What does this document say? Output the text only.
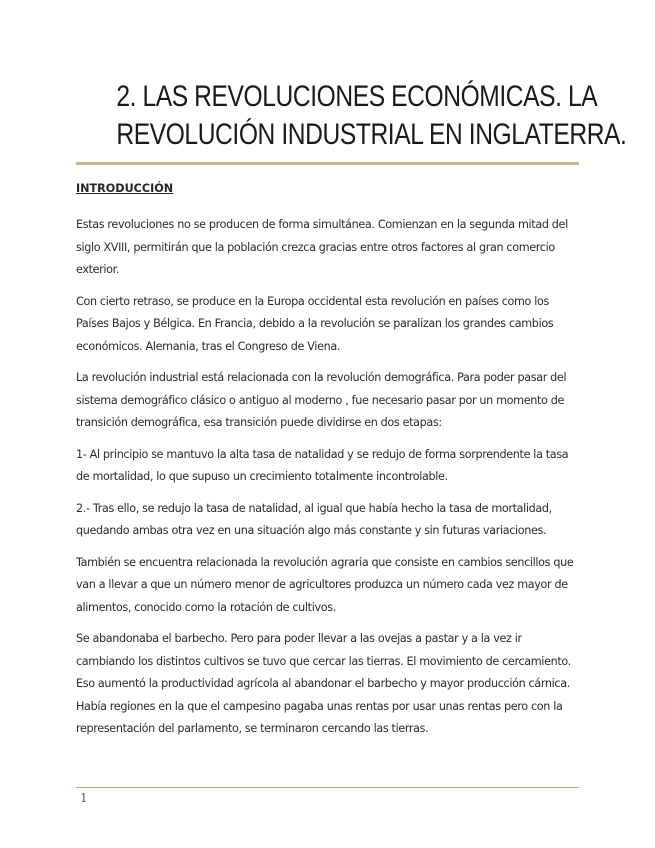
2. LAS REVOLUCIONES ECONÓMICAS. LA
REVOLUCIÓN INDUSTRIAL EN INGLATERRA.

INTRODUCCIÓN

Estas revoluciones no se producen de forma simultánea. Comienzan en la segunda mitad del siglo XVIII, permitirán que la población crezca gracias entre otros factores al gran comercio exterior.

Con cierto retraso, se produce en la Europa occidental esta revolución en países como los Países Bajos y Bélgica. En Francia, debido a la revolución se paralizan los grandes cambios económicos. Alemania, tras el Congreso de Viena.

La revolución industrial está relacionada con la revolución demográfica. Para poder pasar del sistema demográfico clásico o antiguo al moderno , fue necesario pasar por un momento de transición demográfica, esa transición puede dividirse en dos etapas:

1- Al principio se mantuvo la alta tasa de natalidad y se redujo de forma sorprendente la tasa de mortalidad, lo que supuso un crecimiento totalmente incontrolable.

2.- Tras ello, se redujo la tasa de natalidad, al igual que había hecho la tasa de mortalidad, quedando ambas otra vez en una situación algo más constante y sin futuras variaciones.

También se encuentra relacionada la revolución agraria que consiste en cambios sencillos que van a llevar a que un número menor de agricultores produzca un número cada vez mayor de alimentos, conocido como la rotación de cultivos.

Se abandonaba el barbecho. Pero para poder llevar a las ovejas a pastar y a la vez ir cambiando los distintos cultivos se tuvo que cercar las tierras. El movimiento de cercamiento. Eso aumentó la productividad agrícola al abandonar el barbecho y mayor producción cárnica. Había regiones en la que el campesino pagaba unas rentas por usar unas rentas pero con la representación del parlamento, se terminaron cercando las tierras.

1
